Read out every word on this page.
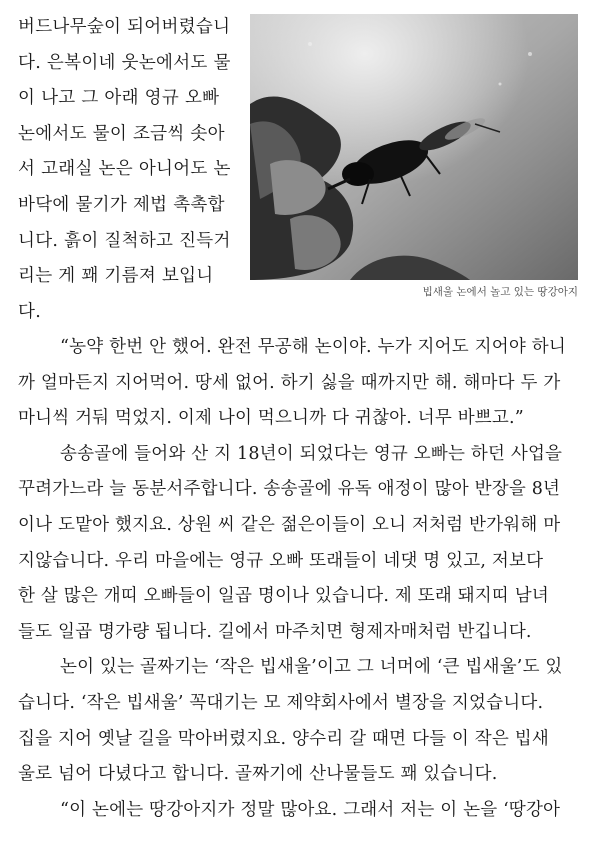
버드나무숲이 되어버렸습니
다. 은복이네 웃논에서도 물
이 나고 그 아래 영규 오빠
논에서도 물이 조금씩 솟아
서 고래실 논은 아니어도 논
바닥에 물기가 제법 촉촉합
니다. 흙이 질척하고 진득거
리는 게 꽤 기름져 보입니
다.
빕새울 논에서 놀고 있는 땅강아지
“농약 한번 안 했어. 완전 무공해 논이야. 누가 지어도 지어야 하니
까 얼마든지 지어먹어. 땅세 없어. 하기 싫을 때까지만 해. 해마다 두 가
마니씩 거둬 먹었지. 이제 나이 먹으니까 다 귀찮아. 너무 바쁘고.”
송송골에 들어와 산 지 18년이 되었다는 영규 오빠는 하던 사업을
꾸려가느라 늘 동분서주합니다. 송송골에 유독 애정이 많아 반장을 8년
이나 도맡아 했지요. 상원 씨 같은 젊은이들이 오니 저처럼 반가워해 마
지않습니다. 우리 마을에는 영규 오빠 또래들이 네댓 명 있고, 저보다
한 살 많은 개띠 오빠들이 일곱 명이나 있습니다. 제 또래 돼지띠 남녀
들도 일곱 명가량 됩니다. 길에서 마주치면 형제자매처럼 반깁니다.
논이 있는 골짜기는 ‘작은 빕새울’이고 그 너머에 ‘큰 빕새울’도 있
습니다. ‘작은 빕새울’ 꼭대기는 모 제약회사에서 별장을 지었습니다.
집을 지어 옛날 길을 막아버렸지요. 양수리 갈 때면 다들 이 작은 빕새
울로 넘어 다녔다고 합니다. 골짜기에 산나물들도 꽤 있습니다.
“이 논에는 땅강아지가 정말 많아요. 그래서 저는 이 논을 ‘땅강아
